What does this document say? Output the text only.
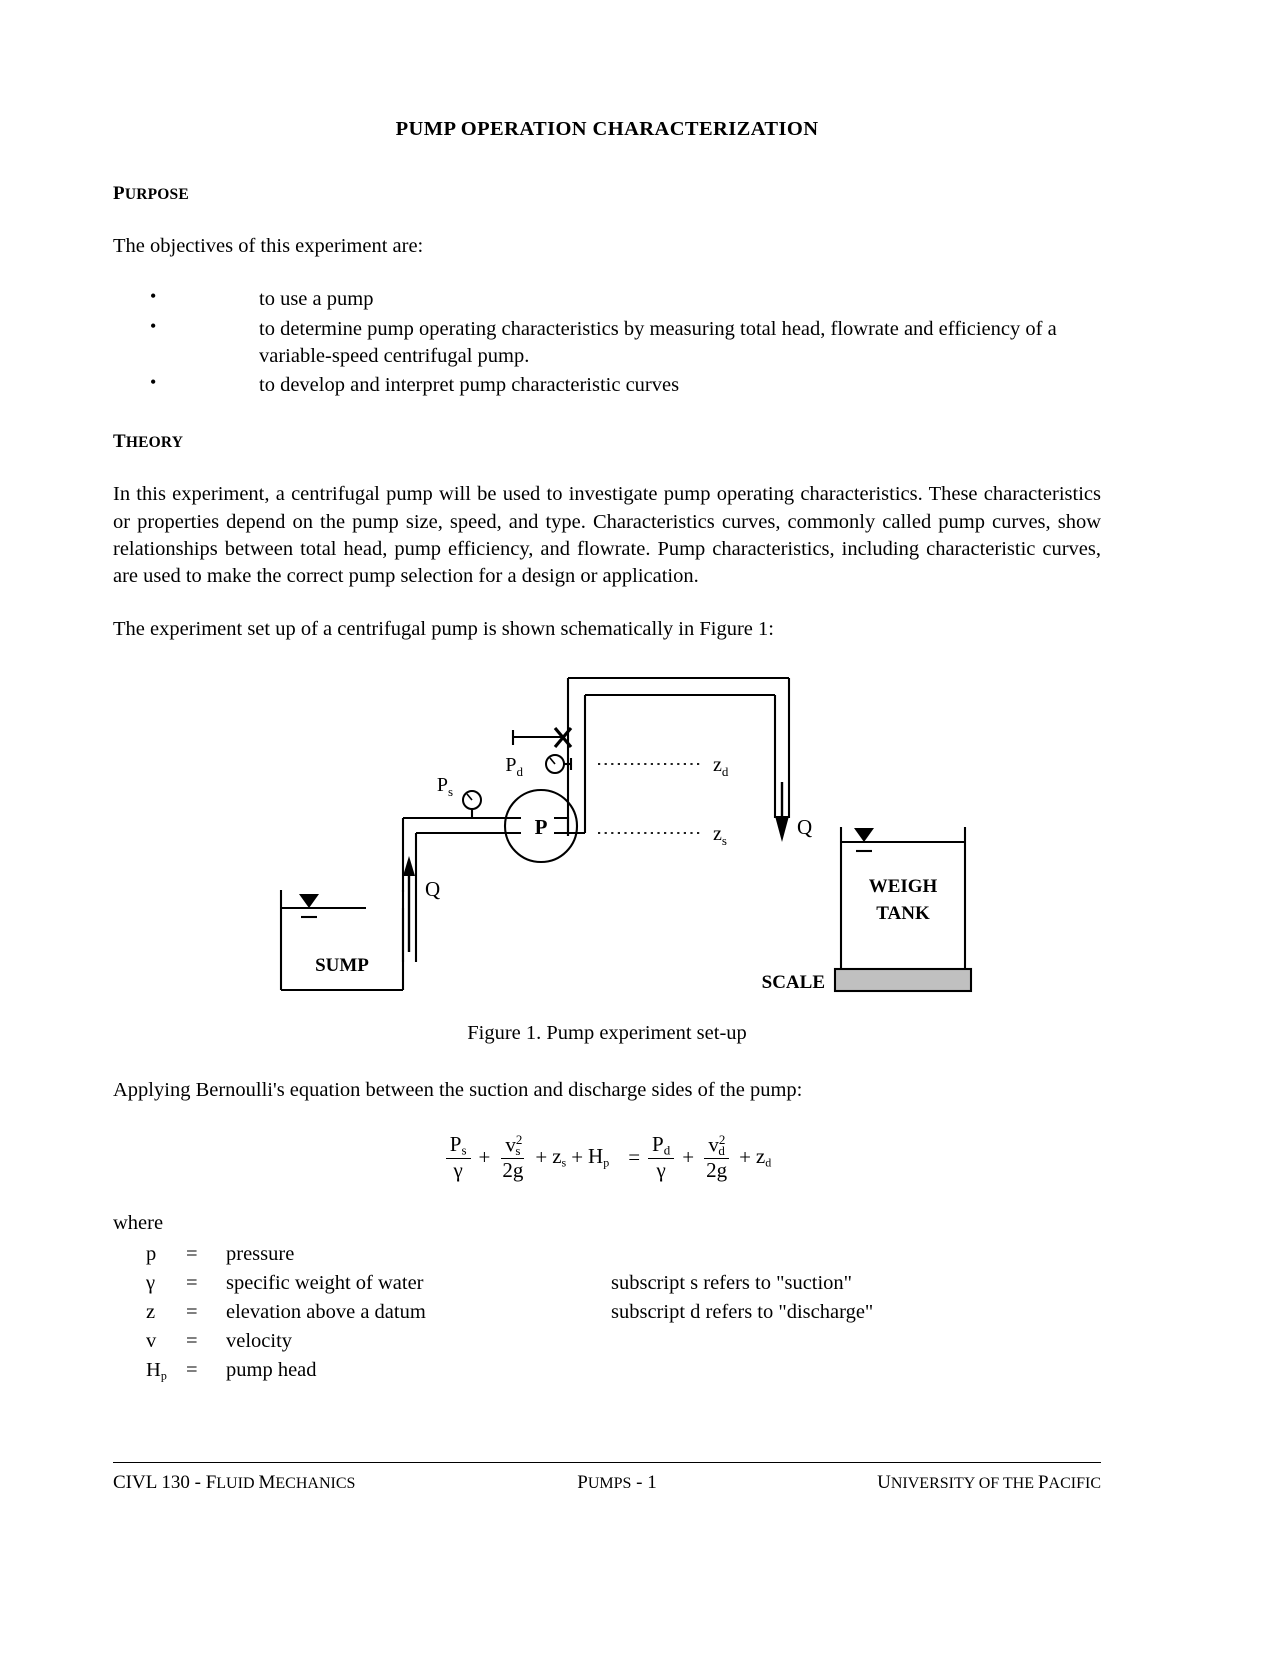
PUMP OPERATION CHARACTERIZATION
PURPOSE

The objectives of this experiment are:

•	to use a pump
•	to determine pump operating characteristics by measuring total head, flowrate and efficiency of a variable-speed centrifugal pump.
•	to develop and interpret pump characteristic curves
THEORY

In this experiment, a centrifugal pump will be used to investigate pump operating characteristics. These characteristics or properties depend on the pump size, speed, and type. Characteristics curves, commonly called pump curves, show relationships between total head, pump efficiency, and flowrate. Pump characteristics, including characteristic curves, are used to make the correct pump selection for a design or application.

The experiment set up of a centrifugal pump is shown schematically in Figure 1:

$P_d$
$P_s$
$z_d$
$z_s$
P
Q
Q
SUMP
WEIGH
TANK
SCALE
Figure 1. Pump experiment set-up

Applying Bernoulli's equation between the suction and discharge sides of the pump:

$\frac{P_s}{\gamma} + \frac{v^2_s}{2g}$ + zs + $Hp = \frac{P_d}{\gamma} + \frac{v^2_d}{2g}$ + zd
where
p	=	pressure	
γ	=	specific weight of water	subscript s refers to "suction"
z	=	elevation above a datum	subscript d refers to "discharge"
v	=	velocity	
Hp	=	pump head	
CIVL 130 - FLUID MECHANICS	PUMPS - 1	UNIVERSITY OF THE PACIFIC
